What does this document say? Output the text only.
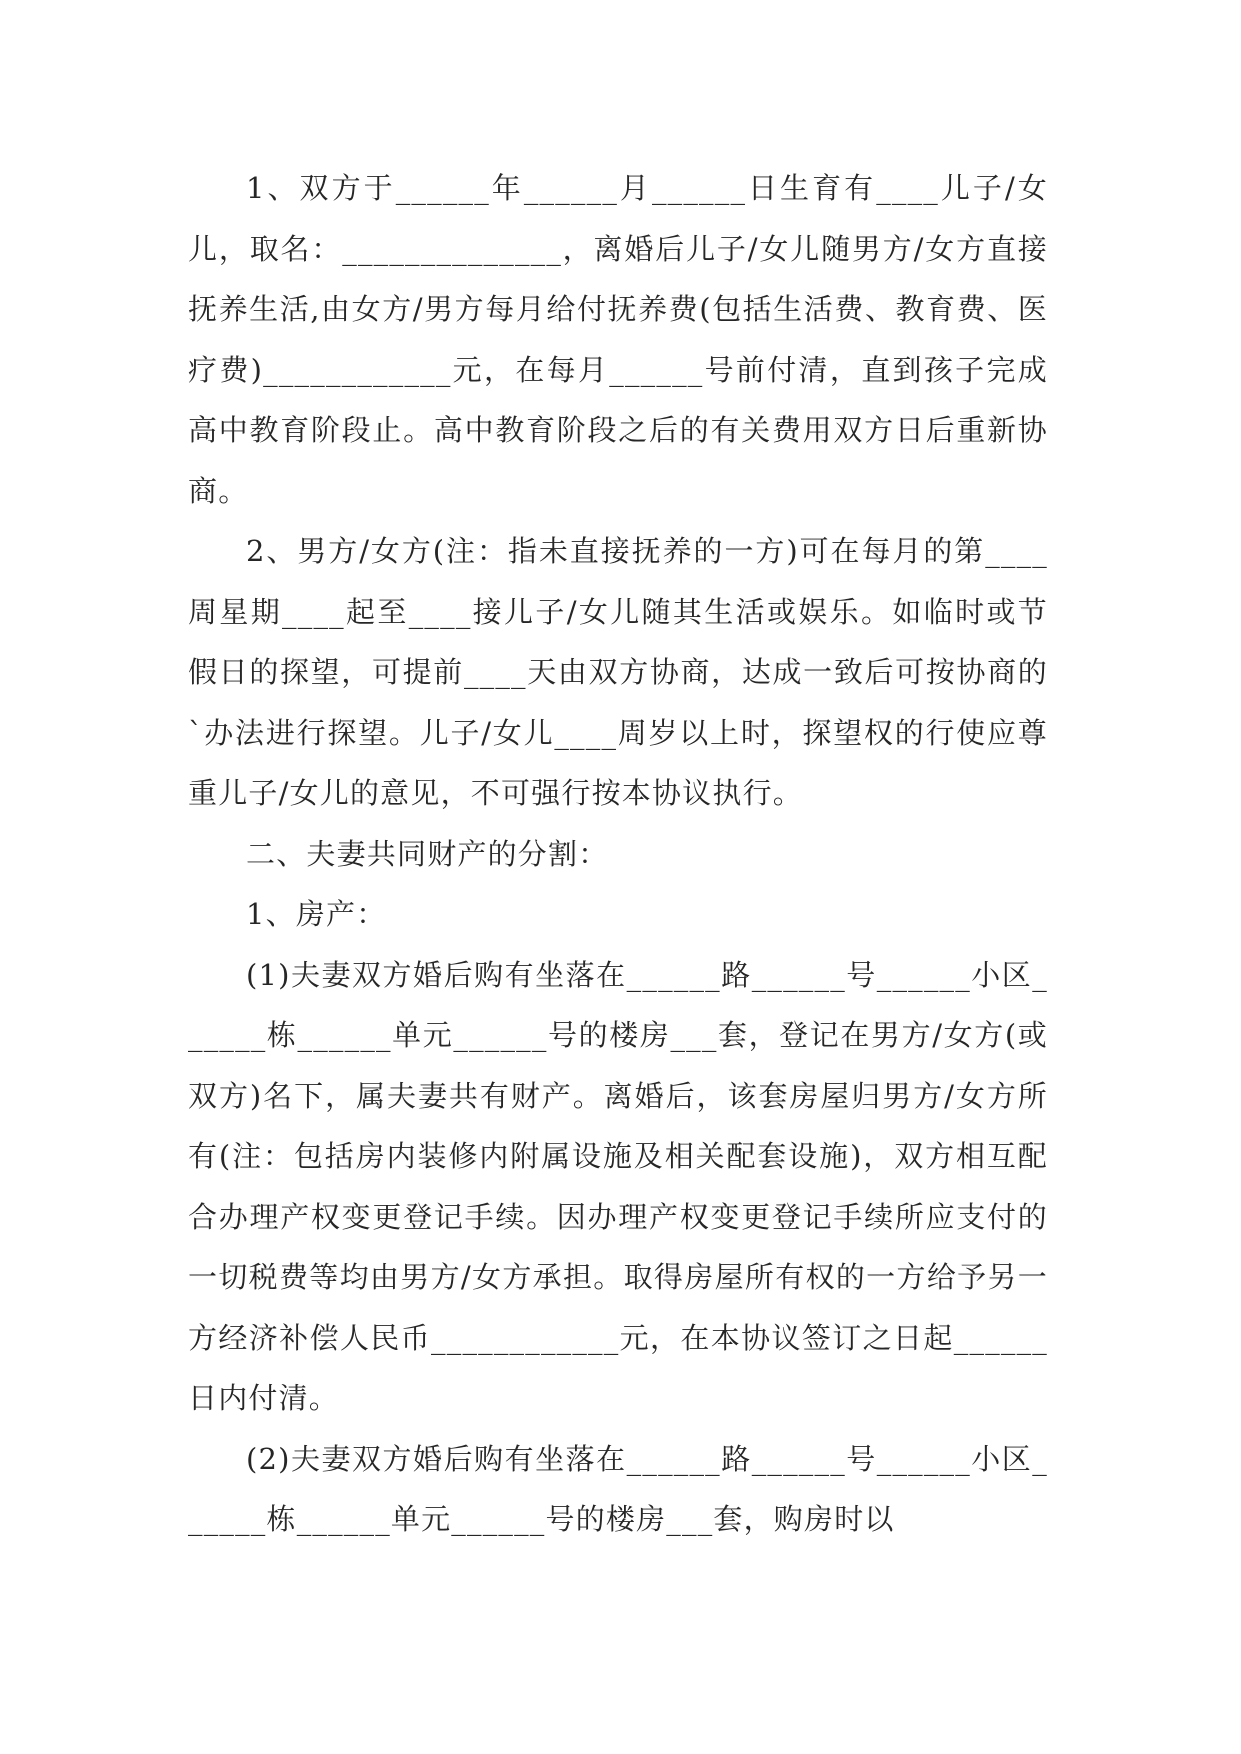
1、双方于______年______月______日生育有____儿子/女儿，取名：______________，离婚后儿子/女儿随男方/女方直接抚养生活,由女方/男方每月给付抚养费(包括生活费、教育费、医疗费)____________元，在每月______号前付清，直到孩子完成高中教育阶段止。高中教育阶段之后的有关费用双方日后重新协商。

2、男方/女方(注：指未直接抚养的一方)可在每月的第____周星期____起至____接儿子/女儿随其生活或娱乐。如临时或节假日的探望，可提前____天由双方协商，达成一致后可按协商的`办法进行探望。儿子/女儿____周岁以上时，探望权的行使应尊重儿子/女儿的意见，不可强行按本协议执行。

二、夫妻共同财产的分割：

1、房产：

(1)夫妻双方婚后购有坐落在______路______号______小区______栋______单元______号的楼房___套，登记在男方/女方(或双方)名下，属夫妻共有财产。离婚后，该套房屋归男方/女方所有(注：包括房内装修内附属设施及相关配套设施)，双方相互配合办理产权变更登记手续。因办理产权变更登记手续所应支付的一切税费等均由男方/女方承担。取得房屋所有权的一方给予另一方经济补偿人民币____________元，在本协议签订之日起______日内付清。

(2)夫妻双方婚后购有坐落在______路______号______小区______栋______单元______号的楼房___套，购房时以
